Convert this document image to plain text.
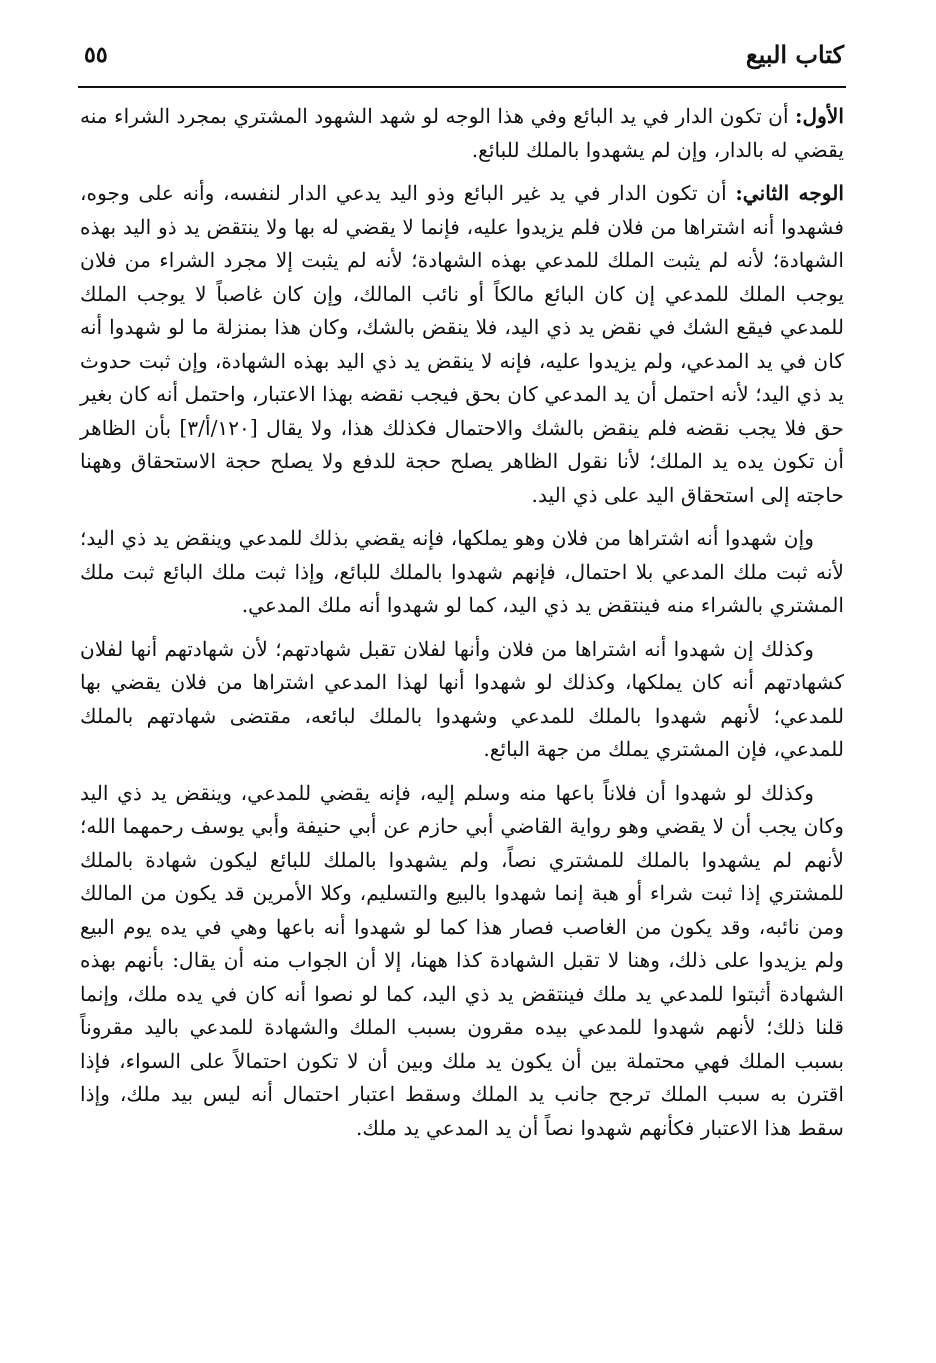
٥٥	كتاب البيع

الأول: أن تكون الدار في يد البائع وفي هذا الوجه لو شهد الشهود المشتري بمجرد الشراء منه يقضي له بالدار، وإن لم يشهدوا بالملك للبائع.

الوجه الثاني: أن تكون الدار في يد غير البائع وذو اليد يدعي الدار لنفسه، وأنه على وجوه، فشهدوا أنه اشتراها من فلان فلم يزيدوا عليه، فإنما لا يقضي له بها ولا ينتقض يد ذو اليد بهذه الشهادة؛ لأنه لم يثبت الملك للمدعي بهذه الشهادة؛ لأنه لم يثبت إلا مجرد الشراء من فلان يوجب الملك للمدعي إن كان البائع مالكاً أو نائب المالك، وإن كان غاصباً لا يوجب الملك للمدعي فيقع الشك في نقض يد ذي اليد، فلا ينقض بالشك، وكان هذا بمنزلة ما لو شهدوا أنه كان في يد المدعي، ولم يزيدوا عليه، فإنه لا ينقض يد ذي اليد بهذه الشهادة، وإن ثبت حدوث يد ذي اليد؛ لأنه احتمل أن يد المدعي كان بحق فيجب نقضه بهذا الاعتبار، واحتمل أنه كان بغير حق فلا يجب نقضه فلم ينقض بالشك والاحتمال فكذلك هذا، ولا يقال [١٢٠/أ/٣] بأن الظاهر أن تكون يده يد الملك؛ لأنا نقول الظاهر يصلح حجة للدفع ولا يصلح حجة الاستحقاق وههنا حاجته إلى استحقاق اليد على ذي اليد.

وإن شهدوا أنه اشتراها من فلان وهو يملكها، فإنه يقضي بذلك للمدعي وينقض يد ذي اليد؛ لأنه ثبت ملك المدعي بلا احتمال، فإنهم شهدوا بالملك للبائع، وإذا ثبت ملك البائع ثبت ملك المشتري بالشراء منه فينتقض يد ذي اليد، كما لو شهدوا أنه ملك المدعي.

وكذلك إن شهدوا أنه اشتراها من فلان وأنها لفلان تقبل شهادتهم؛ لأن شهادتهم أنها لفلان كشهادتهم أنه كان يملكها، وكذلك لو شهدوا أنها لهذا المدعي اشتراها من فلان يقضي بها للمدعي؛ لأنهم شهدوا بالملك للمدعي وشهدوا بالملك لبائعه، مقتضى شهادتهم بالملك للمدعي، فإن المشتري يملك من جهة البائع.

وكذلك لو شهدوا أن فلاناً باعها منه وسلم إليه، فإنه يقضي للمدعي، وينقض يد ذي اليد وكان يجب أن لا يقضي وهو رواية القاضي أبي حازم عن أبي حنيفة وأبي يوسف رحمهما الله؛ لأنهم لم يشهدوا بالملك للمشتري نصاً، ولم يشهدوا بالملك للبائع ليكون شهادة بالملك للمشتري إذا ثبت شراء أو هبة إنما شهدوا بالبيع والتسليم، وكلا الأمرين قد يكون من المالك ومن نائبه، وقد يكون من الغاصب فصار هذا كما لو شهدوا أنه باعها وهي في يده يوم البيع ولم يزيدوا على ذلك، وهنا لا تقبل الشهادة كذا ههنا، إلا أن الجواب منه أن يقال: بأنهم بهذه الشهادة أثبتوا للمدعي يد ملك فينتقض يد ذي اليد، كما لو نصوا أنه كان في يده ملك، وإنما قلنا ذلك؛ لأنهم شهدوا للمدعي بيده مقرون بسبب الملك والشهادة للمدعي باليد مقروناً بسبب الملك فهي محتملة بين أن يكون يد ملك وبين أن لا تكون احتمالاً على السواء، فإذا اقترن به سبب الملك ترجح جانب يد الملك وسقط اعتبار احتمال أنه ليس بيد ملك، وإذا سقط هذا الاعتبار فكأنهم شهدوا نصاً أن يد المدعي يد ملك.
